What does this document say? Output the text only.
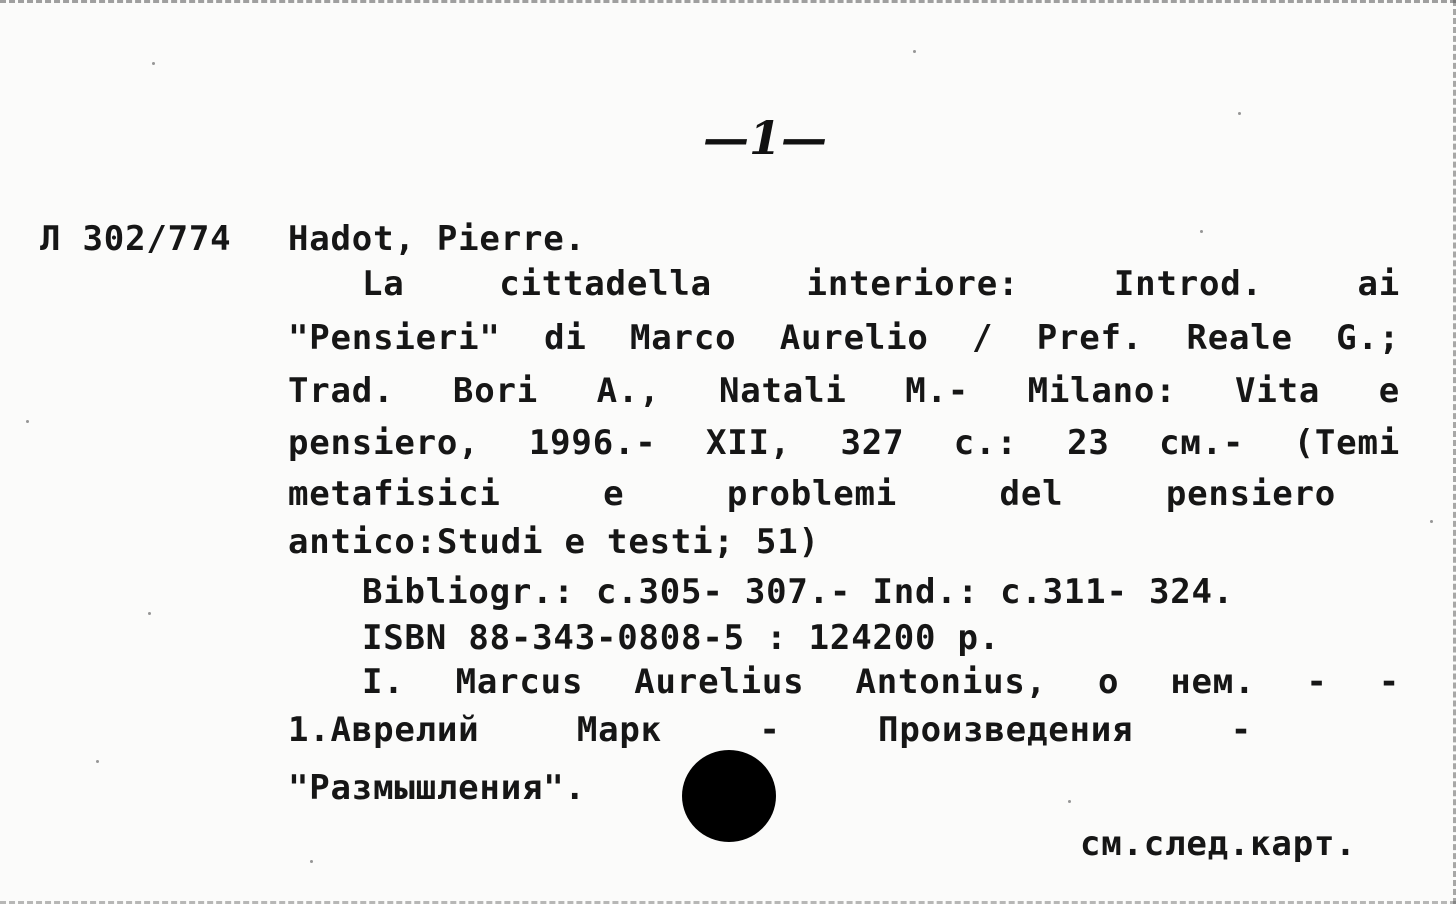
—1—

Л 302/774 Hadot, Pierre.

La cittadella interiore: Introd. ai

"Pensieri" di Marco Aurelio / Pref. Reale G.;

Trad. Bori A., Natali M.- Milano: Vita e

pensiero, 1996.- XII, 327 с.: 23 см.- (Temi

metafisici e problemi del pensiero

antico:Studi e testi; 51)

Bibliogr.: c.305- 307.- Ind.: c.311- 324.

ISBN 88-343-0808-5 : 124200 р.

I. Marcus Aurelius Antonius, о нем. - -

1.Аврелий Марк - Произведения -

"Размышления".

см.след.карт.
